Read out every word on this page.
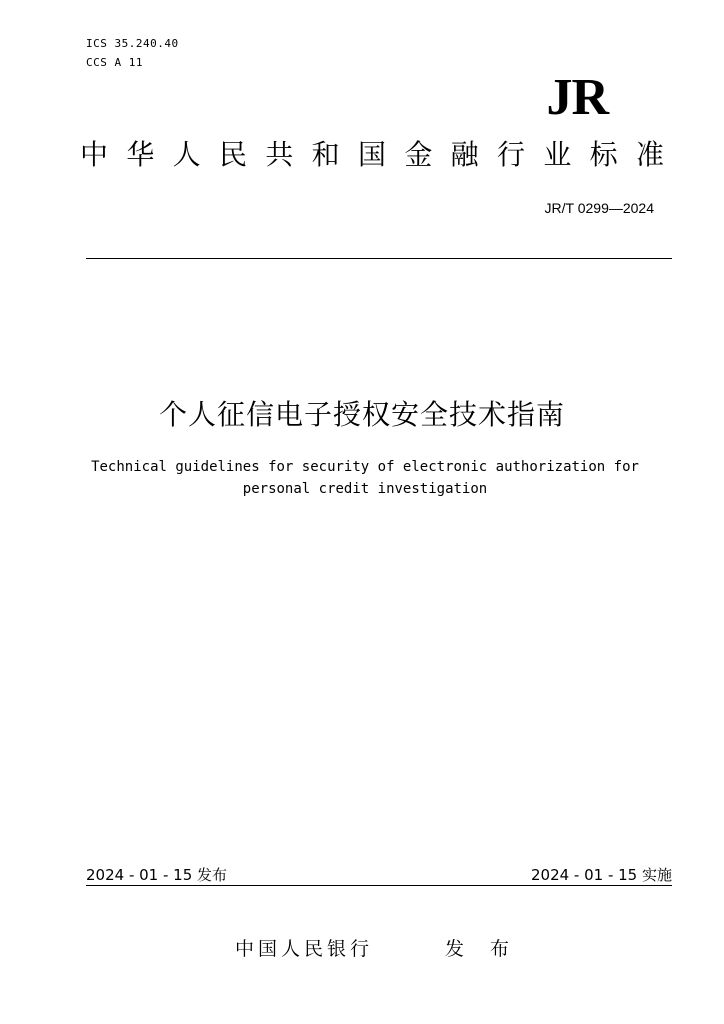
ICS 35.240.40
CCS A 11
JR
中华人民共和国金融行业标准
JR/T 0299—2024
个人征信电子授权安全技术指南
Technical guidelines for security of electronic authorization for personal credit investigation
2024 - 01 - 15 发布	2024 - 01 - 15 实施
中国人民银行	发 布
